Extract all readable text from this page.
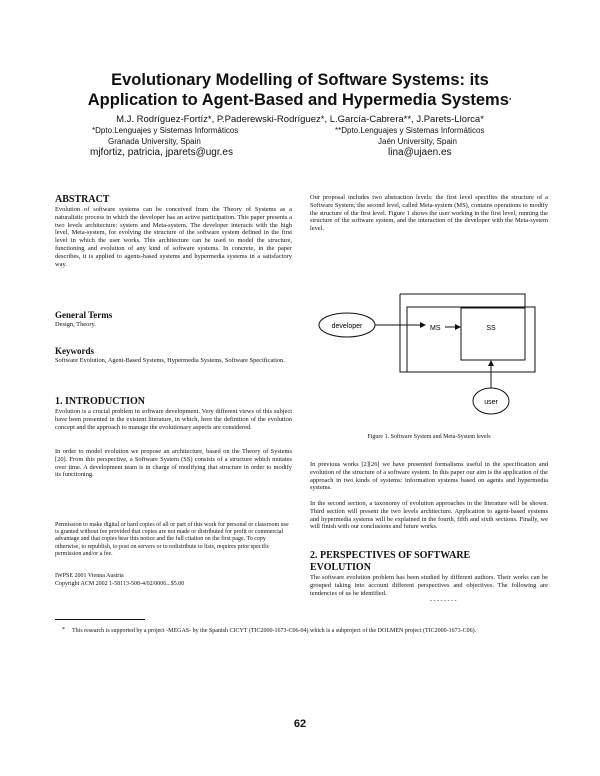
Evolutionary Modelling of Software Systems: its
Application to Agent-Based and Hypermedia Systems·
M.J. Rodríguez-Fortíz*, P.Paderewski-Rodríguez*, L.García-Cabrera**, J.Parets-Llorca*
*Dpto.Lenguajes y Sistemas Informáticos
Granada University, Spain
mjfortiz, patricia, jparets@ugr.es
**Dpto.Lenguajes y Sistemas Informáticos
Jaén University, Spain
lina@ujaen.es
ABSTRACT
Evolution of software systems can be conceived from the Theory of Systems as a naturalistic process in which the developer has an active participation. This paper presents a two levels architecture: system and Meta-system. The developer interacts with the high level, Meta-system, for evolving the structure of the software system defined in the first level in which the user works. This architecture can be used to model the structure, functioning and evolution of any kind of software systems. In concrete, in the paper describes, it is applied to agents-based systems and hypermedia systems in a satisfactory way.
General Terms
Design, Theory.
Keywords
Software Evolution, Agent-Based Systems, Hypermedia Systems, Software Specification.
1. INTRODUCTION
Evolution is a crucial problem in software development. Very different views of this subject have been presented in the existent literature, in which, here the definition of the evolution concept and the approach to manage the evolutionary aspects are considered.
In order to model evolution we propose an architecture, based on the Theory of Systems [20]. From this perspective, a Software System (SS) consists of a structure which mutates over time. A development team is in charge of modifying that structure in order to modify its functioning.
Permission to make digital or hard copies of all or part of this work for personal or classroom use is granted without fee provided that copies are not made or distributed for profit or commercial advantage and that copies bear this notice and the full citation on the first page. To copy otherwise, to republish, to post on servers or to redistribute to lists, requires prior specific permission and/or a fee.
IWPSE 2001 Vienna Austria
Copyright ACM 2002 1-58113-508-4/02/0006...$5.00
Our proposal includes two abstraction levels: the first level specifies the structure of a Software System; the second level, called Meta-system (MS), contains operations to modify the structure of the first level. Figure 1 shows the user working in the first level, running the structure of the software system, and the interaction of the developer with the Meta-system level.
developer	MS	SS
user
Figure 1. Software System and Meta-System levels
In previous works [2][26] we have presented formalisms useful in the specification and evolution of the structure of a software system. In this paper our aim is the application of the approach in two kinds of systems: information systems based on agents and hypermedia systems.
In the second section, a taxonomy of evolution approaches in the literature will be shown. Third section will present the two levels architecture. Application to agent-based systems and hypermedia systems will be explained in the fourth, fifth and sixth sections. Finally, we will finish with our conclusions and future works.
2. PERSPECTIVES OF SOFTWARE
EVOLUTION
The software evolution problem has been studied by different authors. Their works can be grouped taking into account different perspectives and objectives. The following are tendencies of us he identified.
- - - - - - - -
* This research is supported by a project -MEGAS- by the Spanish CICYT (TIC2000-1673-C06-04) which is a subproject of the DOLMEN project (TIC2000-1673-C06).
62
